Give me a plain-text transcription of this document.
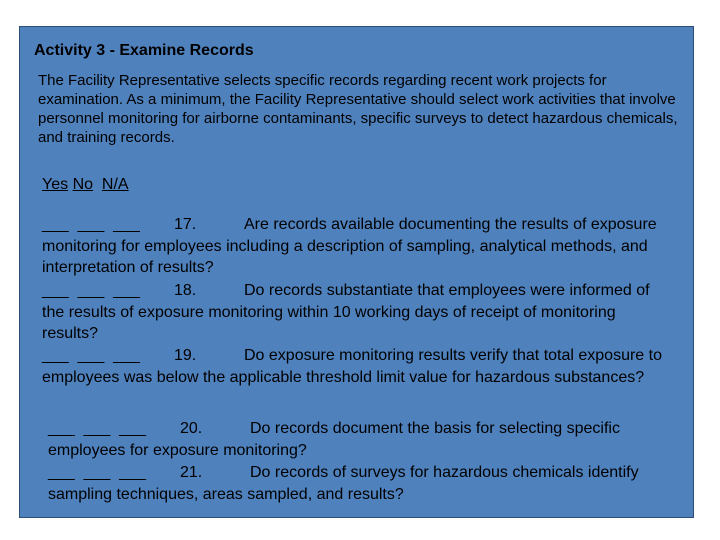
Activity 3 - Examine Records
The Facility Representative selects specific records regarding recent work projects for examination. As a minimum, the Facility Representative should select work activities that involve personnel monitoring for airborne contaminants, specific surveys to detect hazardous chemicals, and training records.
Yes No N/A
___  ___  ___ 17.	Are records available documenting the results of exposure monitoring for employees including a description of sampling, analytical methods, and interpretation of results?
___  ___  ___ 18.	Do records substantiate that employees were informed of the results of exposure monitoring within 10 working days of receipt of monitoring results?
___  ___  ___ 19.	Do exposure monitoring results verify that total exposure to employees was below the applicable threshold limit value for hazardous substances?
___  ___  ___ 20.	Do records document the basis for selecting specific employees for exposure monitoring?
___  ___  ___ 21.	Do records of surveys for hazardous chemicals identify sampling techniques, areas sampled, and results?
